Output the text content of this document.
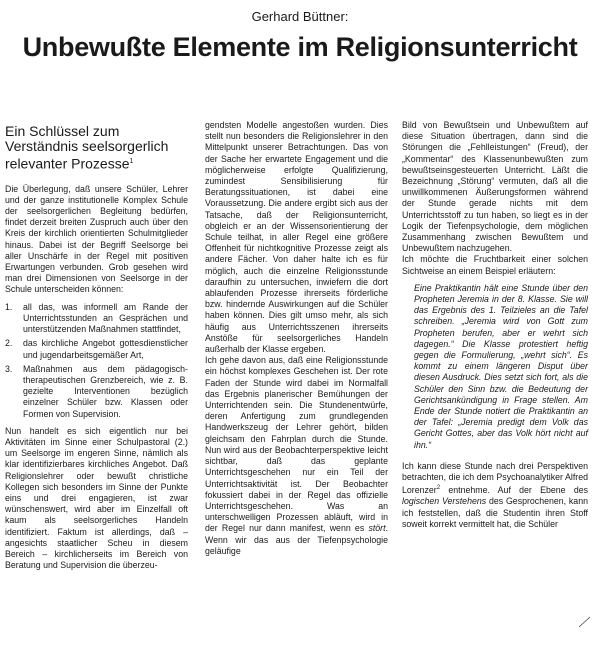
Gerhard Büttner:
Unbewußte Elemente im Religionsunterricht
Ein Schlüssel zum Verständnis seelsorgerlich relevanter Prozesse$^1$

Die Überlegung, daß unsere Schüler, Lehrer und der ganze institutionelle Komplex Schule der seelsorgerlichen Begleitung bedürfen, findet derzeit breiten Zuspruch auch über den Kreis der kirchlich orientierten Schulmitglieder hinaus. Dabei ist der Begriff Seelsorge bei aller Unschärfe in der Regel mit positiven Erwartungen verbunden. Grob gesehen wird man drei Dimensionen von Seelsorge in der Schule unterscheiden können:

1. all das, was informell am Rande der Unterrichtsstunden an Gesprächen und unterstützenden Maßnahmen stattfindet,
2. das kirchliche Angebot gottesdienstlicher und jugendarbeitsgemäßer Art,
3. Maßnahmen aus dem pädagogisch-therapeutischen Grenzbereich, wie z. B. gezielte Interventionen bezüglich einzelner Schüler bzw. Klassen oder Formen von Supervision.

Nun handelt es sich eigentlich nur bei Aktivitäten im Sinne einer Schulpastoral (2.) um Seelsorge im engeren Sinne, nämlich als klar identifizierbares kirchliches Angebot. Daß Religionslehrer oder bewußt christliche Kollegen sich besonders im Sinne der Punkte eins und drei engagieren, ist zwar wünschenswert, wird aber im Einzelfall oft kaum als seelsorgerliches Handeln identifiziert. Faktum ist allerdings, daß – angesichts staatlicher Scheu in diesem Bereich – kirchlicherseits im Bereich von Beratung und Supervision die überzeu-

gendsten Modelle angestoßen wurden. Dies stellt nun besonders die Religionslehrer in den Mittelpunkt unserer Betrachtungen. Das von der Sache her erwartete Engagement und die möglicherweise erfolgte Qualifizierung, zumindest Sensibilisierung für Beratungssituationen, ist dabei eine Voraussetzung. Die andere ergibt sich aus der Tatsache, daß der Religionsunterricht, obgleich er an der Wissensorientierung der Schule teilhat, in aller Regel eine größere Offenheit für nichtkognitive Prozesse zeigt als andere Fächer. Von daher halte ich es für möglich, auch die einzelne Religionsstunde daraufhin zu untersuchen, inwiefern die dort ablaufenden Prozesse ihrerseits förderliche bzw. hindernde Auswirkungen auf die Schüler haben können. Dies gilt umso mehr, als sich häufig aus Unterrichtsszenen ihrerseits Anstöße für seelsorgerliches Handeln außerhalb der Klasse ergeben.

Ich gehe davon aus, daß eine Religionsstunde ein höchst komplexes Geschehen ist. Der rote Faden der Stunde wird dabei im Normalfall das Ergebnis planerischer Bemühungen der Unterrichtenden sein. Die Stundenentwürfe, deren Anfertigung zum grundlegenden Handwerkszeug der Lehrer gehört, bilden gleichsam den Fahrplan durch die Stunde. Nun wird aus der Beobachterperspektive leicht sichtbar, daß das geplante Unterrichtsgeschehen nur ein Teil der Unterrichtsaktivität ist. Der Beobachter fokussiert dabei in der Regel das offizielle Unterrichtsgeschehen. Was an unterschwelligen Prozessen abläuft, wird in der Regel nur dann manifest, wenn es stört. Wenn wir das aus der Tiefenpsychologie geläufige

Bild von Bewußtsein und Unbewußtem auf diese Situation übertragen, dann sind die Störungen die „Fehlleistungen“ (Freud), der „Kommentar“ des Klassenunbewußten zum bewußtseinsgesteuerten Unterricht. Läßt die Bezeichnung „Störung“ vermuten, daß all die unwillkommenen Äußerungsformen während der Stunde gerade nichts mit dem Unterrichtsstoff zu tun haben, so liegt es in der Logik der Tiefenpsychologie, dem möglichen Zusammenhang zwischen Bewußtem und Unbewußtem nachzugehen.

Ich möchte die Fruchtbarkeit einer solchen Sichtweise an einem Beispiel erläutern:

Eine Praktikantin hält eine Stunde über den Propheten Jeremia in der 8. Klasse. Sie will das Ergebnis des 1. Teilzieles an die Tafel schreiben. „Jeremia wird von Gott zum Propheten berufen, aber er wehrt sich dagegen.“ Die Klasse protestiert heftig gegen die Formulierung, „wehrt sich“. Es kommt zu einem längeren Disput über diesen Ausdruck. Dies setzt sich fort, als die Schüler den Sinn bzw. die Bedeutung der Gerichtsankündigung in Frage stellen. Am Ende der Stunde notiert die Praktikantin an der Tafel: „Jeremia predigt dem Volk das Gericht Gottes, aber das Volk hört nicht auf ihn.“

Ich kann diese Stunde nach drei Perspektiven betrachten, die ich dem Psychoanalytiker Alfred Lorenzer$^2$ entnehme. Auf der Ebene des logischen Verstehens des Gesprochenen, kann ich feststellen, daß die Studentin ihren Stoff soweit korrekt vermittelt hat, die Schüler
